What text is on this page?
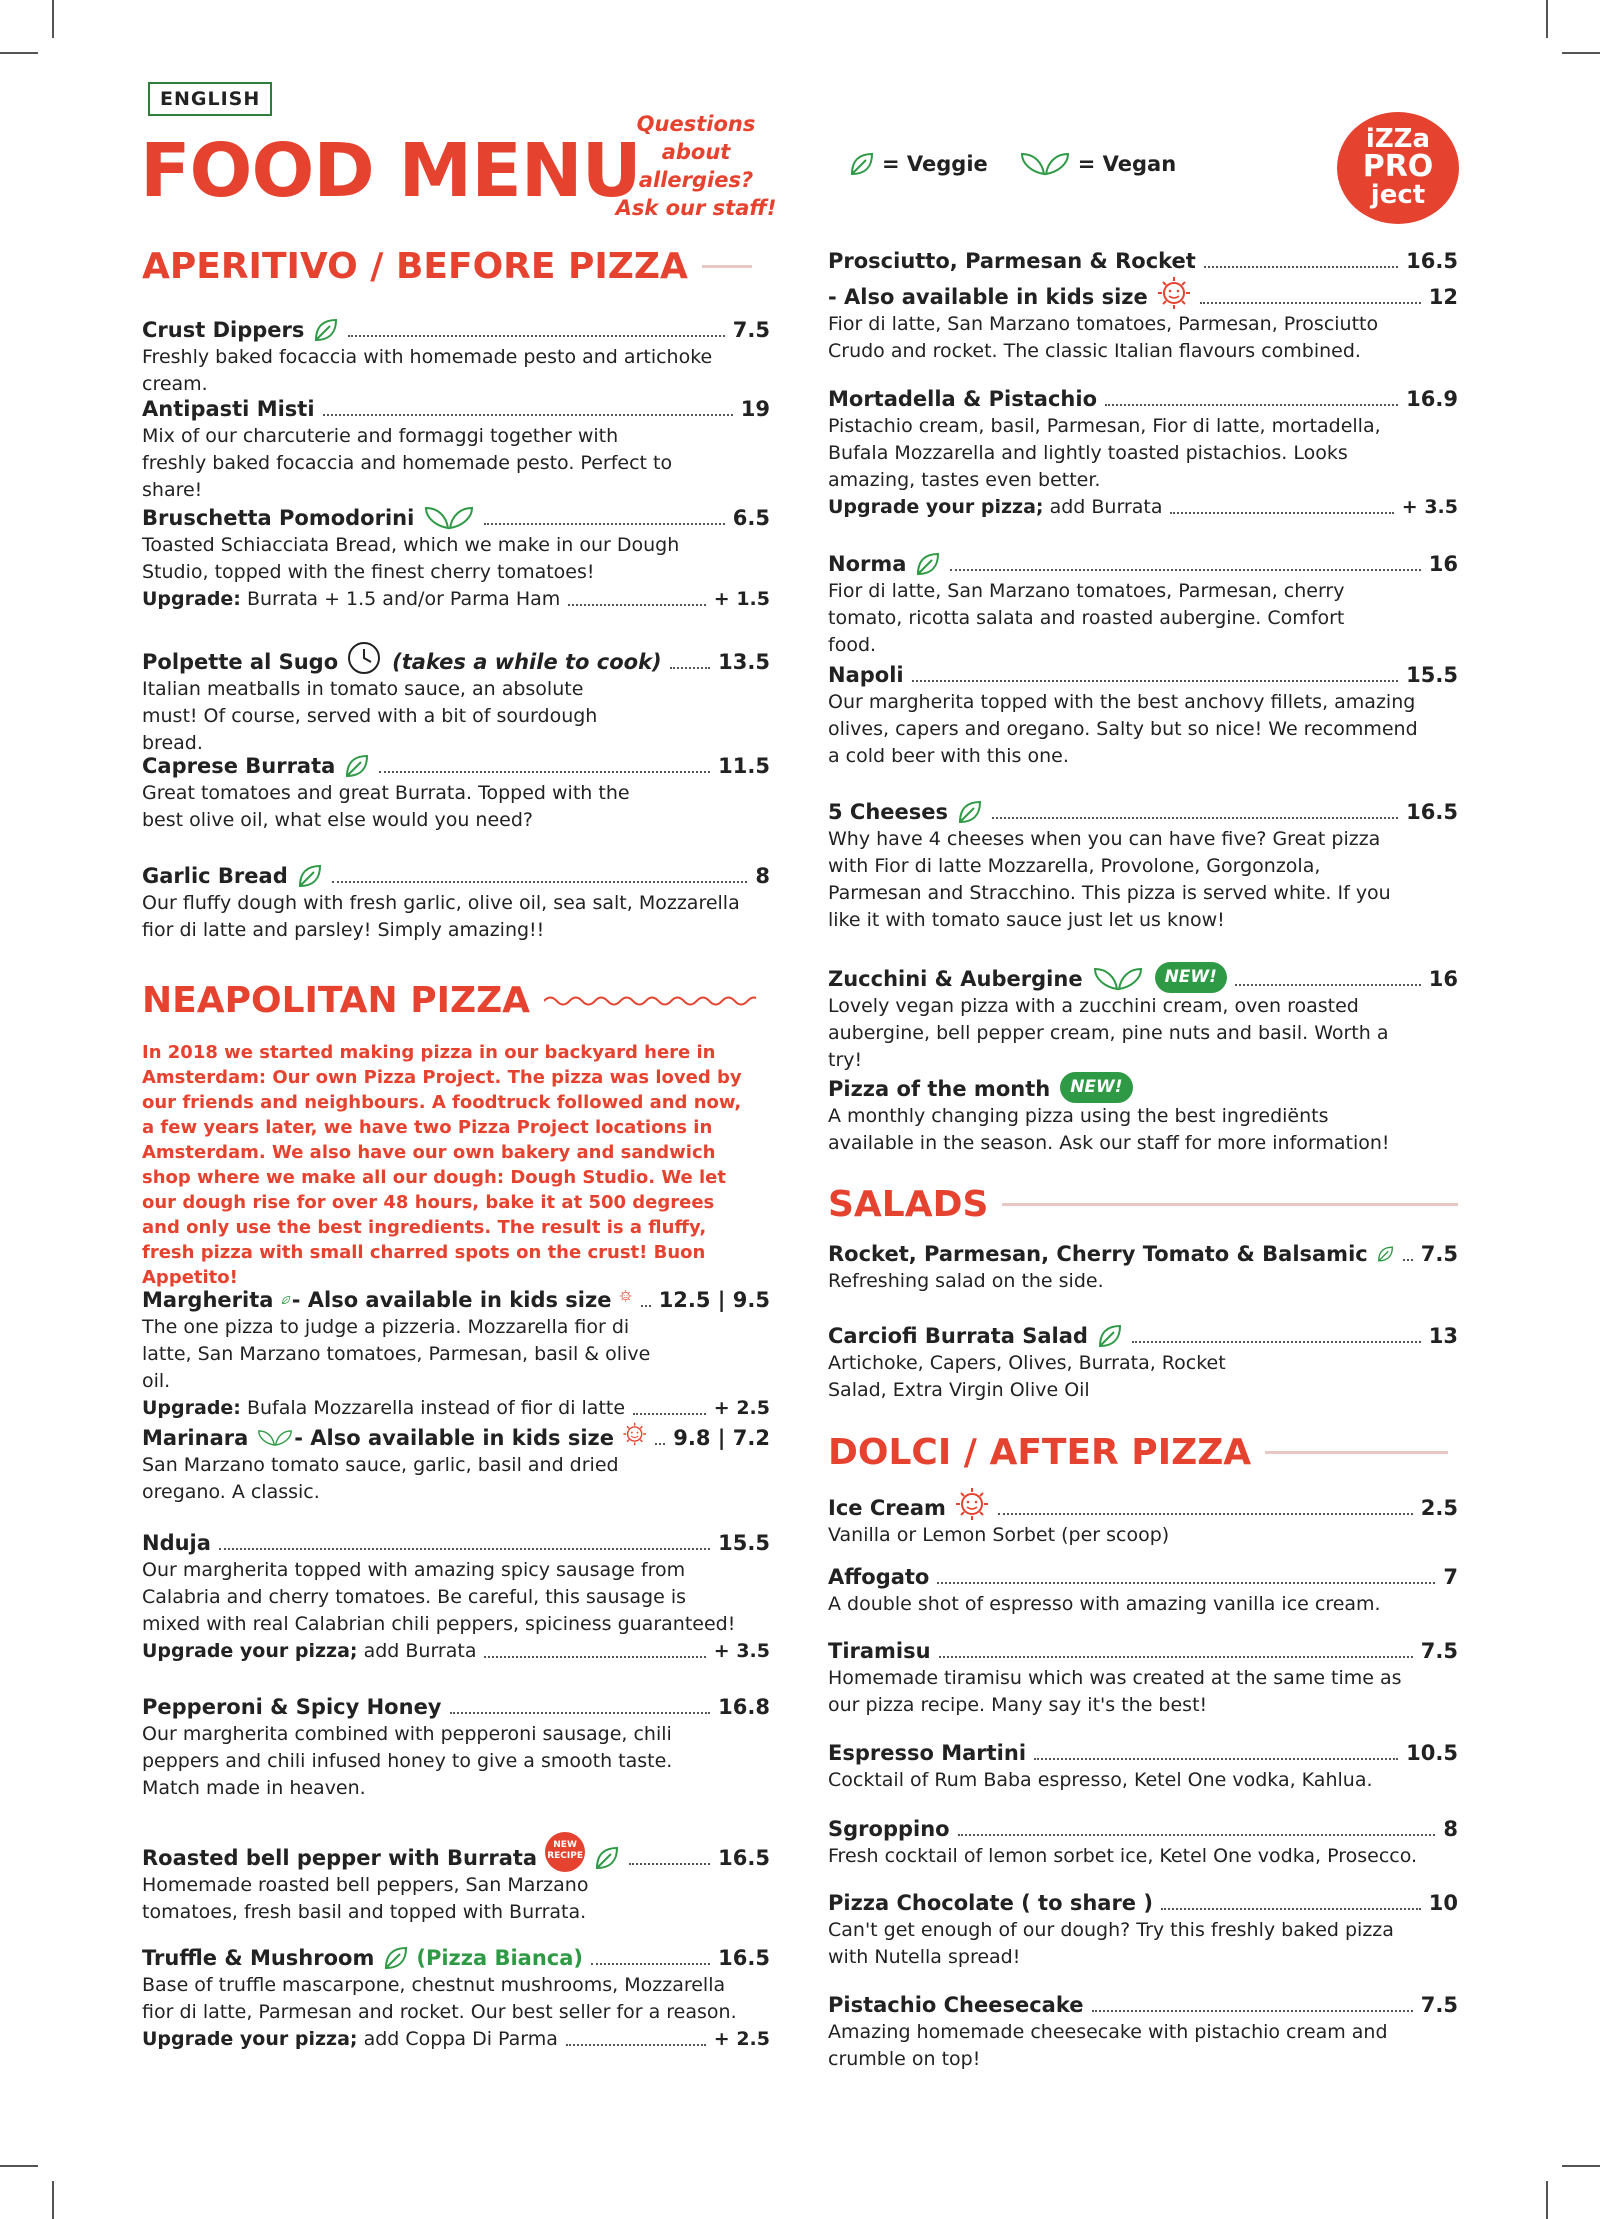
ENGLISH
FOOD MENU
Questions
about allergies?
Ask our staff!
= Veggie	= Vegan
iZZa
PRO
ject
APERITIVO / BEFORE PIZZA
Crust Dippers	7.5

Freshly baked focaccia with homemade pesto and artichoke cream.

Antipasti Misti	19

Mix of our charcuterie and formaggi together with freshly baked focaccia and homemade pesto. Perfect to share!

Bruschetta Pomodorini	6.5

Toasted Schiacciata Bread, which we make in our Dough Studio, topped with the finest cherry tomatoes!

Upgrade:
Burrata + 1.5 and/or Parma Ham	+ 1.5
Polpette al Sugo	(takes a while to cook)	13.5

Italian meatballs in tomato sauce, an absolute must! Of course, served with a bit of sourdough bread.

Caprese Burrata	11.5

Great tomatoes and great Burrata. Topped with the best olive oil, what else would you need?

Garlic Bread	8

Our fluffy dough with fresh garlic, olive oil, sea salt, Mozzarella fior di latte and parsley! Simply amazing!!

NEAPOLITAN PIZZA

In 2018 we started making pizza in our backyard here in Amsterdam: Our own Pizza Project. The pizza was loved by our friends and neighbours. A foodtruck followed and now, a few years later, we have two Pizza Project locations in Amsterdam. We also have our own bakery and sandwich shop where we make all our dough: Dough Studio. We let our dough rise for over 48 hours, bake it at 500 degrees and only use the best ingredients. The result is a fluffy, fresh pizza with small charred spots on the crust! Buon Appetito!

Margherita - Also available in kids size 12.5 | 9.5

The one pizza to judge a pizzeria. Mozzarella fior di latte, San Marzano tomatoes, Parmesan, basil & olive oil.

Upgrade:
Bufala Mozzarella instead of fior di latte	+ 2.5
Marinara - Also available in kids size	9.8 | 7.2

San Marzano tomato sauce, garlic, basil and dried oregano. A classic.

Nduja	15.5

Our margherita topped with amazing spicy sausage from Calabria and cherry tomatoes. Be careful, this sausage is mixed with real Calabrian chili peppers, spiciness guaranteed!

Upgrade your pizza;
add Burrata	+ 3.5
Pepperoni & Spicy Honey	16.8

Our margherita combined with pepperoni sausage, chili peppers and chili infused honey to give a smooth taste. Match made in heaven.

Roasted bell pepper with Burrata
NEW RECIPE	16.5

Homemade roasted bell peppers, San Marzano tomatoes, fresh basil and topped with Burrata.

Truffle & Mushroom (Pizza Bianca)	16.5

Base of truffle mascarpone, chestnut mushrooms, Mozzarella fior di latte, Parmesan and rocket. Our best seller for a reason.

Upgrade your pizza;
add Coppa Di Parma	+ 2.5
Prosciutto, Parmesan & Rocket	16.5
- Also available in kids size	12

Fior di latte, San Marzano tomatoes, Parmesan, Prosciutto Crudo and rocket. The classic Italian flavours combined.

Mortadella & Pistachio	16.9

Pistachio cream, basil, Parmesan, Fior di latte, mortadella, Bufala Mozzarella and lightly toasted pistachios. Looks amazing, tastes even better.

Upgrade your pizza;
add Burrata	+ 3.5
Norma	16

Fior di latte, San Marzano tomatoes, Parmesan, cherry tomato, ricotta salata and roasted aubergine. Comfort food.

Napoli	15.5

Our margherita topped with the best anchovy fillets, amazing olives, capers and oregano. Salty but so nice! We recommend a cold beer with this one.

5 Cheeses	16.5

Why have 4 cheeses when you can have five? Great pizza with Fior di latte Mozzarella, Provolone, Gorgonzola, Parmesan and Stracchino. This pizza is served white. If you like it with tomato sauce just let us know!

Zucchini & Aubergine	NEW!	16

Lovely vegan pizza with a zucchini cream, oven roasted aubergine, bell pepper cream, pine nuts and basil. Worth a try!

Pizza of the month	NEW!

A monthly changing pizza using the best ingrediënts available in the season. Ask our staff for more information!

SALADS
Rocket, Parmesan, Cherry Tomato & Balsamic	7.5

Refreshing salad on the side.

Carciofi Burrata Salad	13

Artichoke, Capers, Olives, Burrata, Rocket Salad, Extra Virgin Olive Oil

DOLCI / AFTER PIZZA
Ice Cream	2.5

Vanilla or Lemon Sorbet (per scoop)

Affogato	7

A double shot of espresso with amazing vanilla ice cream.

Tiramisu	7.5

Homemade tiramisu which was created at the same time as our pizza recipe. Many say it's the best!

Espresso Martini	10.5

Cocktail of Rum Baba espresso, Ketel One vodka, Kahlua.

Sgroppino	8

Fresh cocktail of lemon sorbet ice, Ketel One vodka, Prosecco.

Pizza Chocolate ( to share )	10

Can't get enough of our dough? Try this freshly baked pizza with Nutella spread!

Pistachio Cheesecake	7.5

Amazing homemade cheesecake with pistachio cream and crumble on top!
